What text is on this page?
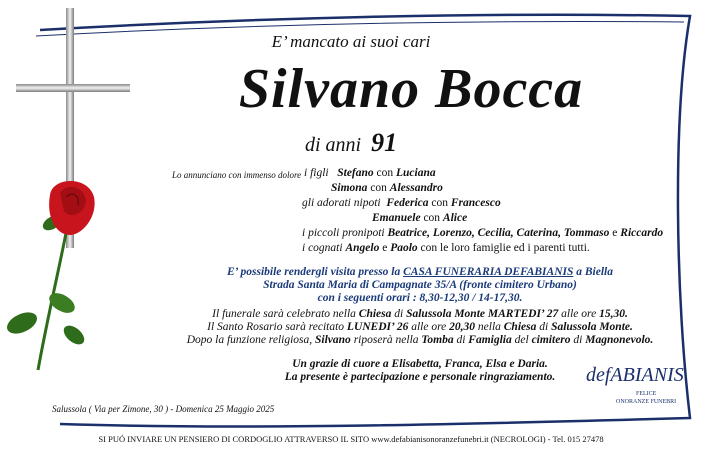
E’ mancato ai suoi cari
Silvano Bocca
di anni 91
Lo annunciano con immenso dolore i figli Stefano con Luciana
Simona con Alessandro
gli adorati nipoti Federica con Francesco
Emanuele con Alice
i piccoli pronipoti Beatrice, Lorenzo, Cecilia, Caterina, Tommaso e Riccardo
i cognati Angelo e Paolo con le loro famiglie ed i parenti tutti.
E’ possibile rendergli visita presso la CASA FUNERARIA DEFABIANIS a Biella
Strada Santa Maria di Campagnate 35/A (fronte cimitero Urbano)
con i seguenti orari : 8,30-12,30 / 14-17,30.
Il funerale sarà celebrato nella Chiesa di Salussola Monte MARTEDI’ 27 alle ore 15,30.
Il Santo Rosario sarà recitato LUNEDI’ 26 alle ore 20,30 nella Chiesa di Salussola Monte.
Dopo la funzione religiosa, Silvano riposerà nella Tomba di Famiglia del cimitero di Magnonevolo.
Un grazie di cuore a Elisabetta, Franca, Elsa e Daria.
La presente è partecipazione e personale ringraziamento.
Salussola ( Via per Zimone, 30 ) - Domenica 25 Maggio 2025
defABIANIS
FELICE
ONORANZE FUNEBRI
SI PUÓ INVIARE UN PENSIERO DI CORDOGLIO ATTRAVERSO IL SITO www.defabianisonoranzefunebri.it (NECROLOGI) - Tel. 015 27478
